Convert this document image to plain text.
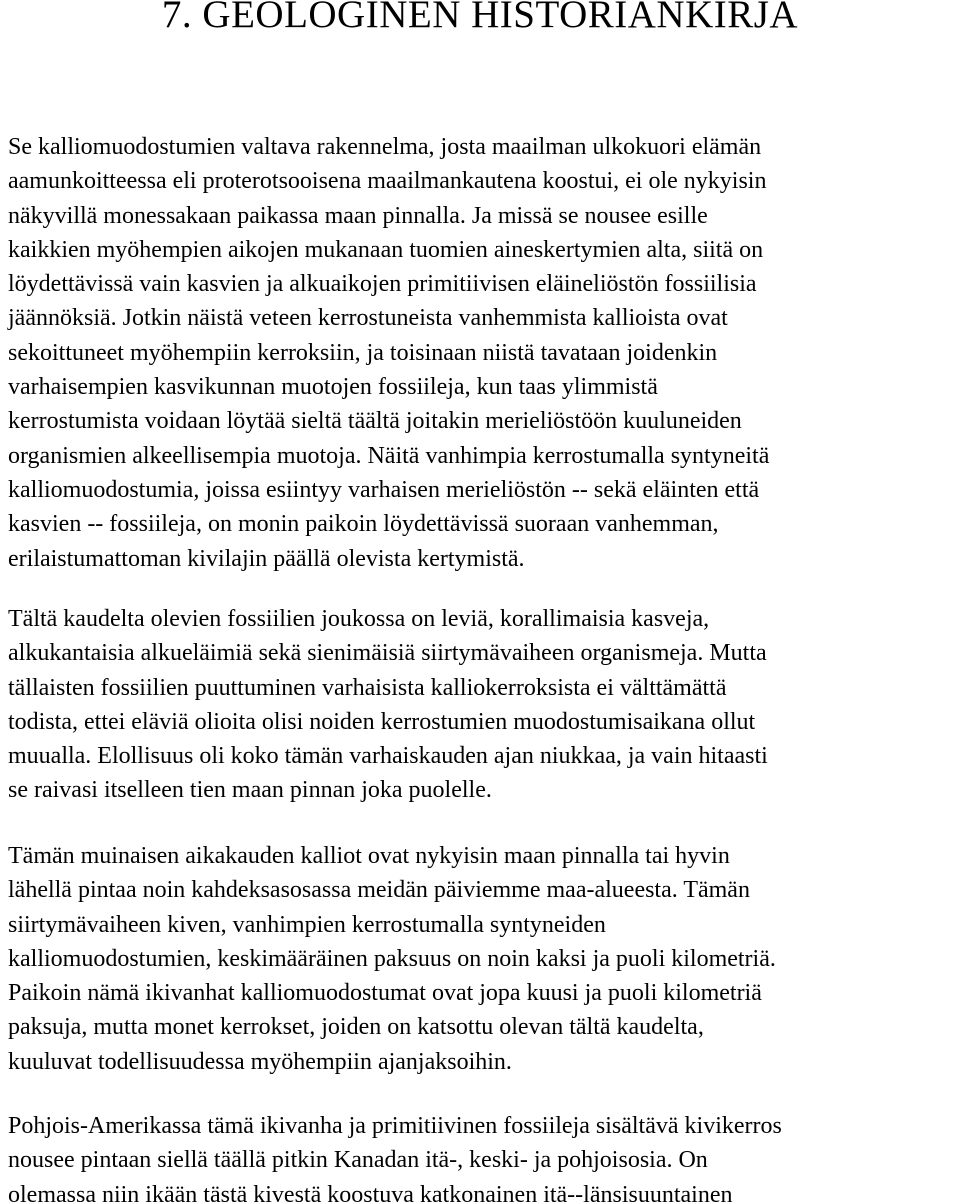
7. GEOLOGINEN HISTORIANKIRJA

Se kalliomuodostumien valtava rakennelma, josta maailman ulkokuori elämän
aamunkoitteessa eli proterotsooisena maailmankautena koostui, ei ole nykyisin
näkyvillä monessakaan paikassa maan pinnalla. Ja missä se nousee esille
kaikkien myöhempien aikojen mukanaan tuomien aineskertymien alta, siitä on
löydettävissä vain kasvien ja alkuaikojen primitiivisen eläineliöstön fossiilisia
jäännöksiä. Jotkin näistä veteen kerrostuneista vanhemmista kallioista ovat
sekoittuneet myöhempiin kerroksiin, ja toisinaan niistä tavataan joidenkin
varhaisempien kasvikunnan muotojen fossiileja, kun taas ylimmistä
kerrostumista voidaan löytää sieltä täältä joitakin merieliöstöön kuuluneiden
organismien alkeellisempia muotoja. Näitä vanhimpia kerrostumalla syntyneitä
kalliomuodostumia, joissa esiintyy varhaisen merieliöstön -- sekä eläinten että
kasvien -- fossiileja, on monin paikoin löydettävissä suoraan vanhemman,
erilaistumattoman kivilajin päällä olevista kertymistä.

Tältä kaudelta olevien fossiilien joukossa on leviä, korallimaisia kasveja,
alkukantaisia alkueläimiä sekä sienimäisiä siirtymävaiheen organismeja. Mutta
tällaisten fossiilien puuttuminen varhaisista kalliokerroksista ei välttämättä
todista, ettei eläviä olioita olisi noiden kerrostumien muodostumisaikana ollut
muualla. Elollisuus oli koko tämän varhaiskauden ajan niukkaa, ja vain hitaasti
se raivasi itselleen tien maan pinnan joka puolelle.

Tämän muinaisen aikakauden kalliot ovat nykyisin maan pinnalla tai hyvin
lähellä pintaa noin kahdeksasosassa meidän päiviemme maa-alueesta. Tämän
siirtymävaiheen kiven, vanhimpien kerrostumalla syntyneiden
kalliomuodostumien, keskimääräinen paksuus on noin kaksi ja puoli kilometriä.
Paikoin nämä ikivanhat kalliomuodostumat ovat jopa kuusi ja puoli kilometriä
paksuja, mutta monet kerrokset, joiden on katsottu olevan tältä kaudelta,
kuuluvat todellisuudessa myöhempiin ajanjaksoihin.

Pohjois-Amerikassa tämä ikivanha ja primitiivinen fossiileja sisältävä kivikerros
nousee pintaan siellä täällä pitkin Kanadan itä-, keski- ja pohjoisosia. On
olemassa niin ikään tästä kivestä koostuva katkonainen itä--länsisuuntainen
